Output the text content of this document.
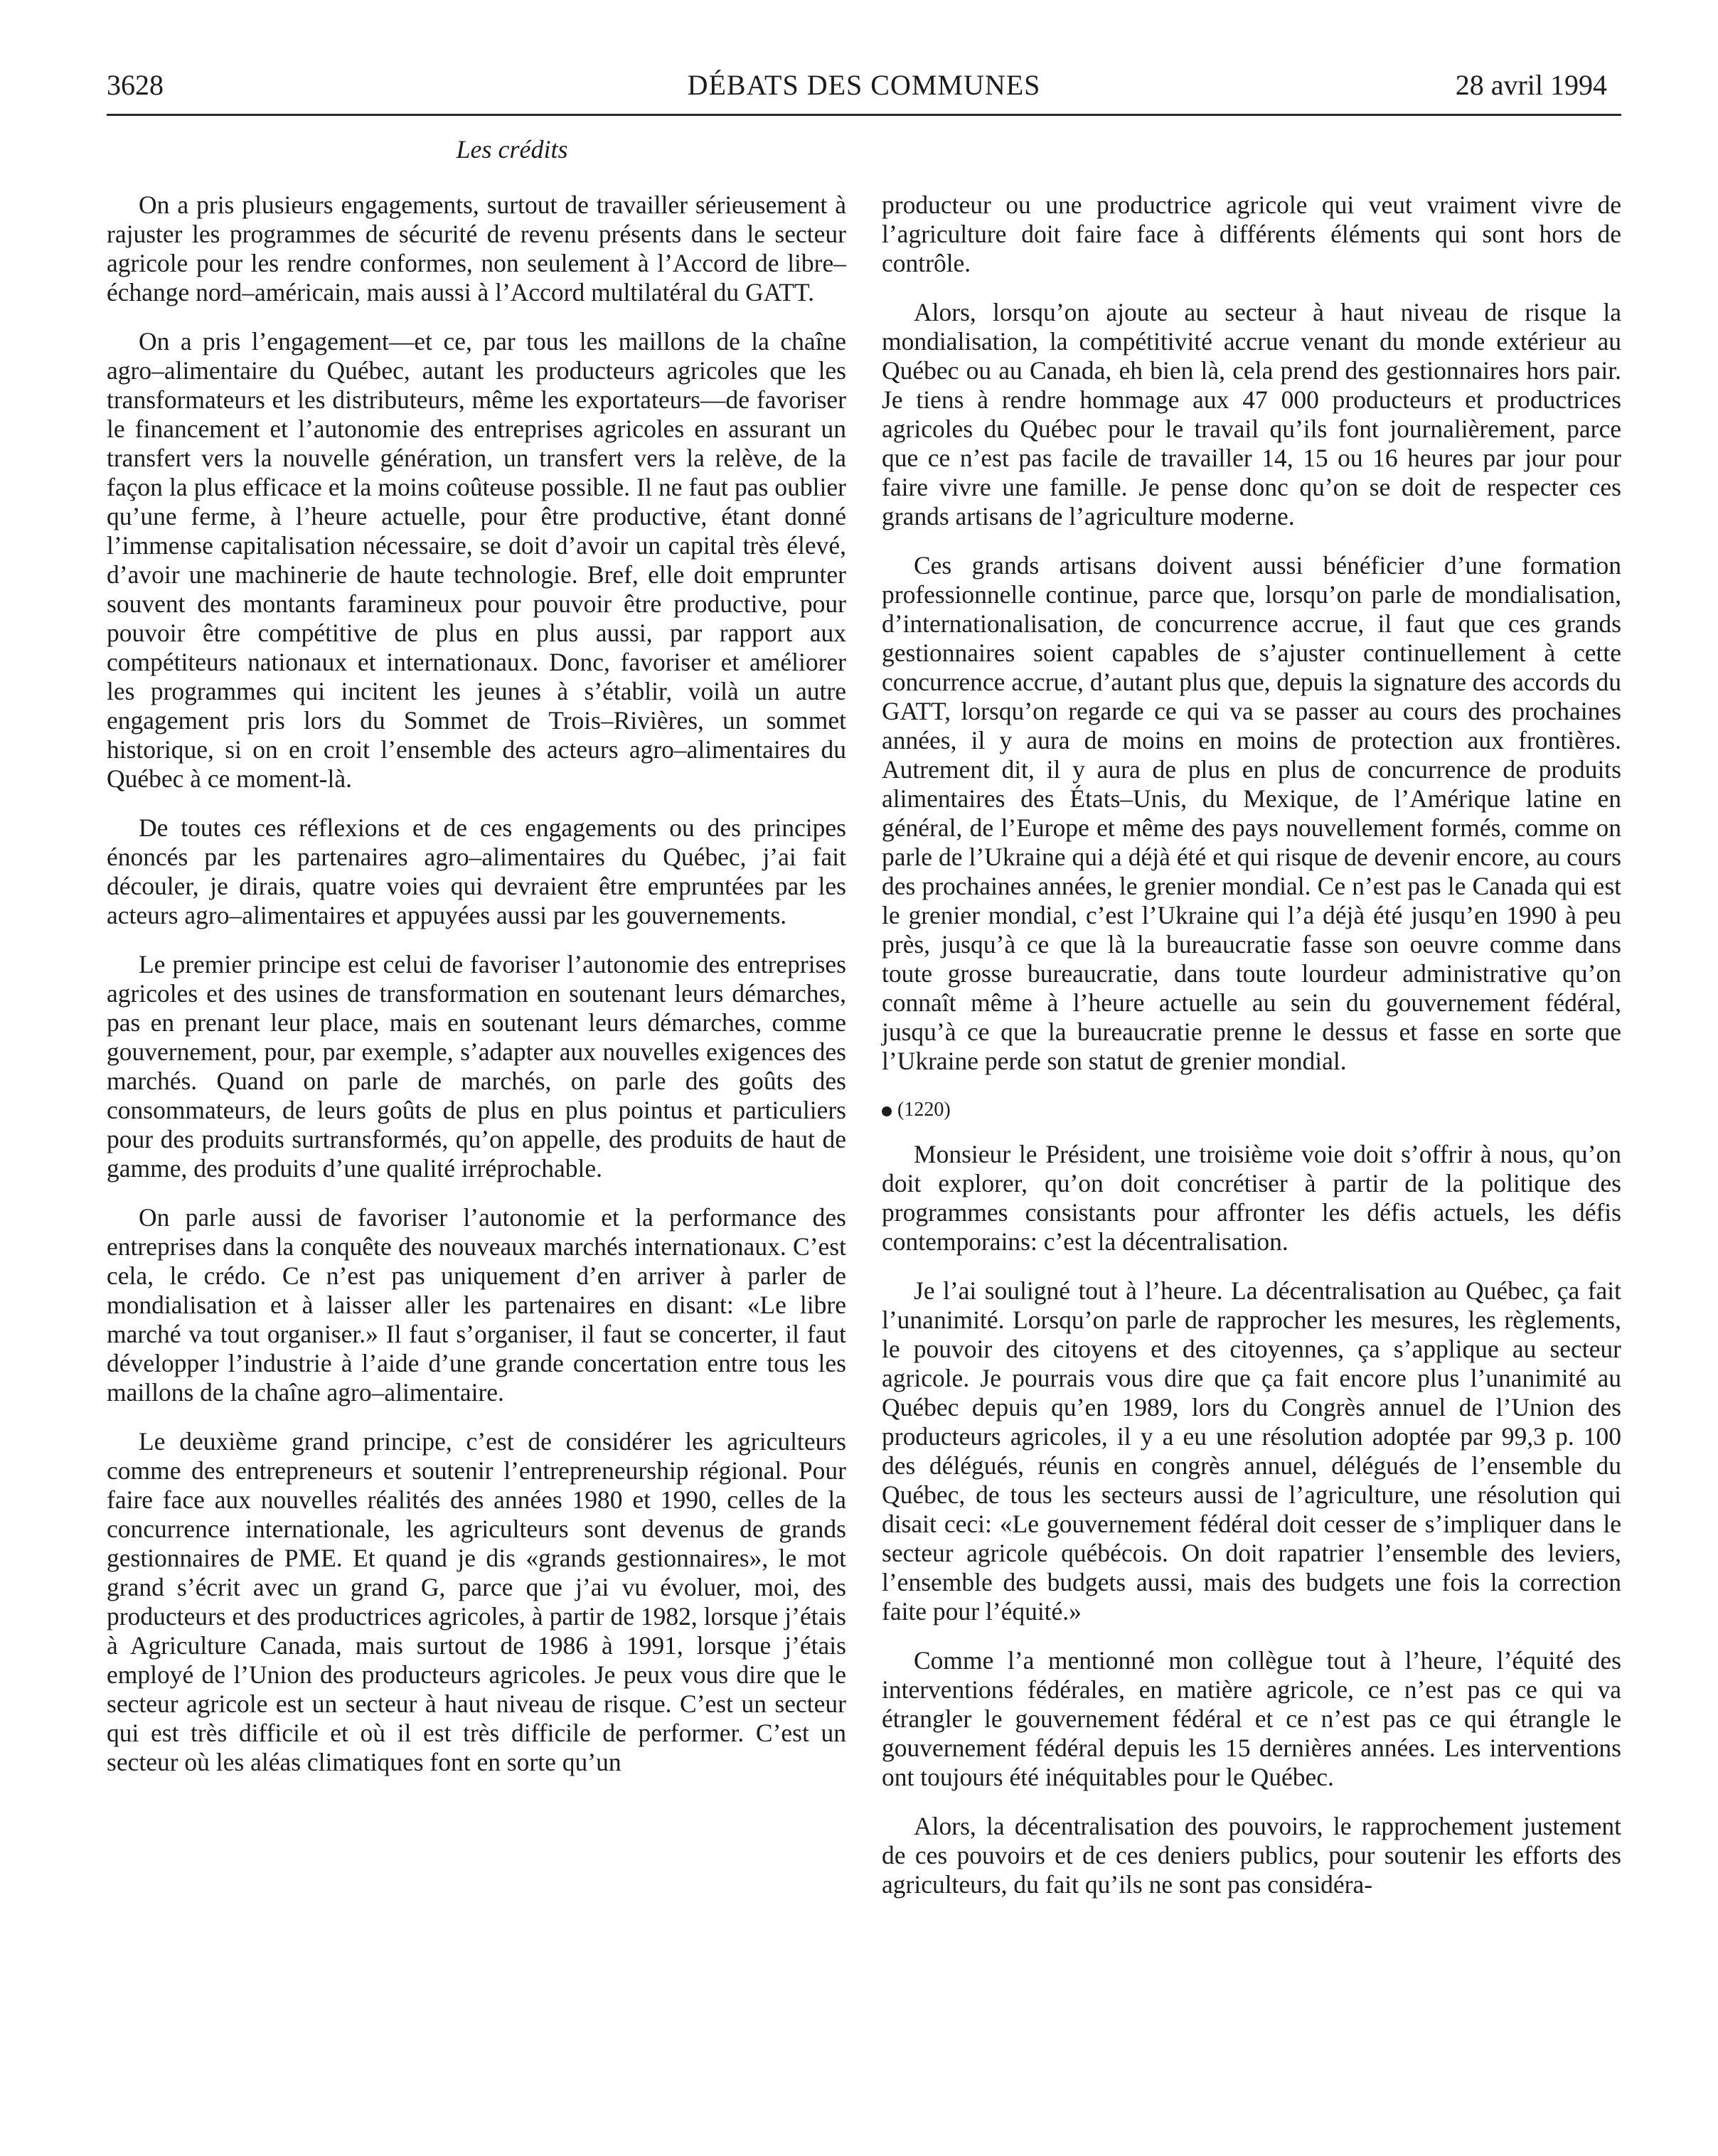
3628	DÉBATS DES COMMUNES	28 avril 1994
Les crédits

On a pris plusieurs engagements, surtout de travailler sérieusement à rajuster les programmes de sécurité de revenu présents dans le secteur agricole pour les rendre conformes, non seulement à l’Accord de libre–échange nord–américain, mais aussi à l’Accord multilatéral du GATT.

On a pris l’engagement—et ce, par tous les maillons de la chaîne agro–alimentaire du Québec, autant les producteurs agricoles que les transformateurs et les distributeurs, même les exportateurs—de favoriser le financement et l’autonomie des entreprises agricoles en assurant un transfert vers la nouvelle génération, un transfert vers la relève, de la façon la plus efficace et la moins coûteuse possible. Il ne faut pas oublier qu’une ferme, à l’heure actuelle, pour être productive, étant donné l’immense capitalisation nécessaire, se doit d’avoir un capital très élevé, d’avoir une machinerie de haute technologie. Bref, elle doit emprunter souvent des montants faramineux pour pouvoir être productive, pour pouvoir être compétitive de plus en plus aussi, par rapport aux compétiteurs nationaux et internationaux. Donc, favoriser et améliorer les programmes qui incitent les jeunes à s’établir, voilà un autre engagement pris lors du Sommet de Trois–Rivières, un sommet historique, si on en croit l’ensemble des acteurs agro–alimentaires du Québec à ce moment-là.

De toutes ces réflexions et de ces engagements ou des principes énoncés par les partenaires agro–alimentaires du Québec, j’ai fait découler, je dirais, quatre voies qui devraient être empruntées par les acteurs agro–alimentaires et appuyées aussi par les gouvernements.

Le premier principe est celui de favoriser l’autonomie des entreprises agricoles et des usines de transformation en soutenant leurs démarches, pas en prenant leur place, mais en soutenant leurs démarches, comme gouvernement, pour, par exemple, s’adapter aux nouvelles exigences des marchés. Quand on parle de marchés, on parle des goûts des consommateurs, de leurs goûts de plus en plus pointus et particuliers pour des produits surtransformés, qu’on appelle, des produits de haut de gamme, des produits d’une qualité irréprochable.

On parle aussi de favoriser l’autonomie et la performance des entreprises dans la conquête des nouveaux marchés internationaux. C’est cela, le crédo. Ce n’est pas uniquement d’en arriver à parler de mondialisation et à laisser aller les partenaires en disant: «Le libre marché va tout organiser.» Il faut s’organiser, il faut se concerter, il faut développer l’industrie à l’aide d’une grande concertation entre tous les maillons de la chaîne agro–alimentaire.

Le deuxième grand principe, c’est de considérer les agriculteurs comme des entrepreneurs et soutenir l’entrepreneurship régional. Pour faire face aux nouvelles réalités des années 1980 et 1990, celles de la concurrence internationale, les agriculteurs sont devenus de grands gestionnaires de PME. Et quand je dis «grands gestionnaires», le mot grand s’écrit avec un grand G, parce que j’ai vu évoluer, moi, des producteurs et des productrices agricoles, à partir de 1982, lorsque j’étais à Agriculture Canada, mais surtout de 1986 à 1991, lorsque j’étais employé de l’Union des producteurs agricoles. Je peux vous dire que le secteur agricole est un secteur à haut niveau de risque. C’est un secteur qui est très difficile et où il est très difficile de performer. C’est un secteur où les aléas climatiques font en sorte qu’un

producteur ou une productrice agricole qui veut vraiment vivre de l’agriculture doit faire face à différents éléments qui sont hors de contrôle.

Alors, lorsqu’on ajoute au secteur à haut niveau de risque la mondialisation, la compétitivité accrue venant du monde extérieur au Québec ou au Canada, eh bien là, cela prend des gestionnaires hors pair. Je tiens à rendre hommage aux 47 000 producteurs et productrices agricoles du Québec pour le travail qu’ils font journalièrement, parce que ce n’est pas facile de travailler 14, 15 ou 16 heures par jour pour faire vivre une famille. Je pense donc qu’on se doit de respecter ces grands artisans de l’agriculture moderne.

Ces grands artisans doivent aussi bénéficier d’une formation professionnelle continue, parce que, lorsqu’on parle de mondialisation, d’internationalisation, de concurrence accrue, il faut que ces grands gestionnaires soient capables de s’ajuster continuellement à cette concurrence accrue, d’autant plus que, depuis la signature des accords du GATT, lorsqu’on regarde ce qui va se passer au cours des prochaines années, il y aura de moins en moins de protection aux frontières. Autrement dit, il y aura de plus en plus de concurrence de produits alimentaires des États–Unis, du Mexique, de l’Amérique latine en général, de l’Europe et même des pays nouvellement formés, comme on parle de l’Ukraine qui a déjà été et qui risque de devenir encore, au cours des prochaines années, le grenier mondial. Ce n’est pas le Canada qui est le grenier mondial, c’est l’Ukraine qui l’a déjà été jusqu’en 1990 à peu près, jusqu’à ce que là la bureaucratie fasse son oeuvre comme dans toute grosse bureaucratie, dans toute lourdeur administrative qu’on connaît même à l’heure actuelle au sein du gouvernement fédéral, jusqu’à ce que la bureaucratie prenne le dessus et fasse en sorte que l’Ukraine perde son statut de grenier mondial.

(1220)

Monsieur le Président, une troisième voie doit s’offrir à nous, qu’on doit explorer, qu’on doit concrétiser à partir de la politique des programmes consistants pour affronter les défis actuels, les défis contemporains: c’est la décentralisation.

Je l’ai souligné tout à l’heure. La décentralisation au Québec, ça fait l’unanimité. Lorsqu’on parle de rapprocher les mesures, les règlements, le pouvoir des citoyens et des citoyennes, ça s’applique au secteur agricole. Je pourrais vous dire que ça fait encore plus l’unanimité au Québec depuis qu’en 1989, lors du Congrès annuel de l’Union des producteurs agricoles, il y a eu une résolution adoptée par 99,3 p. 100 des délégués, réunis en congrès annuel, délégués de l’ensemble du Québec, de tous les secteurs aussi de l’agriculture, une résolution qui disait ceci: «Le gouvernement fédéral doit cesser de s’impliquer dans le secteur agricole québécois. On doit rapatrier l’ensemble des leviers, l’ensemble des budgets aussi, mais des budgets une fois la correction faite pour l’équité.»

Comme l’a mentionné mon collègue tout à l’heure, l’équité des interventions fédérales, en matière agricole, ce n’est pas ce qui va étrangler le gouvernement fédéral et ce n’est pas ce qui étrangle le gouvernement fédéral depuis les 15 dernières années. Les interventions ont toujours été inéquitables pour le Québec.

Alors, la décentralisation des pouvoirs, le rapprochement justement de ces pouvoirs et de ces deniers publics, pour soutenir les efforts des agriculteurs, du fait qu’ils ne sont pas considéra-
